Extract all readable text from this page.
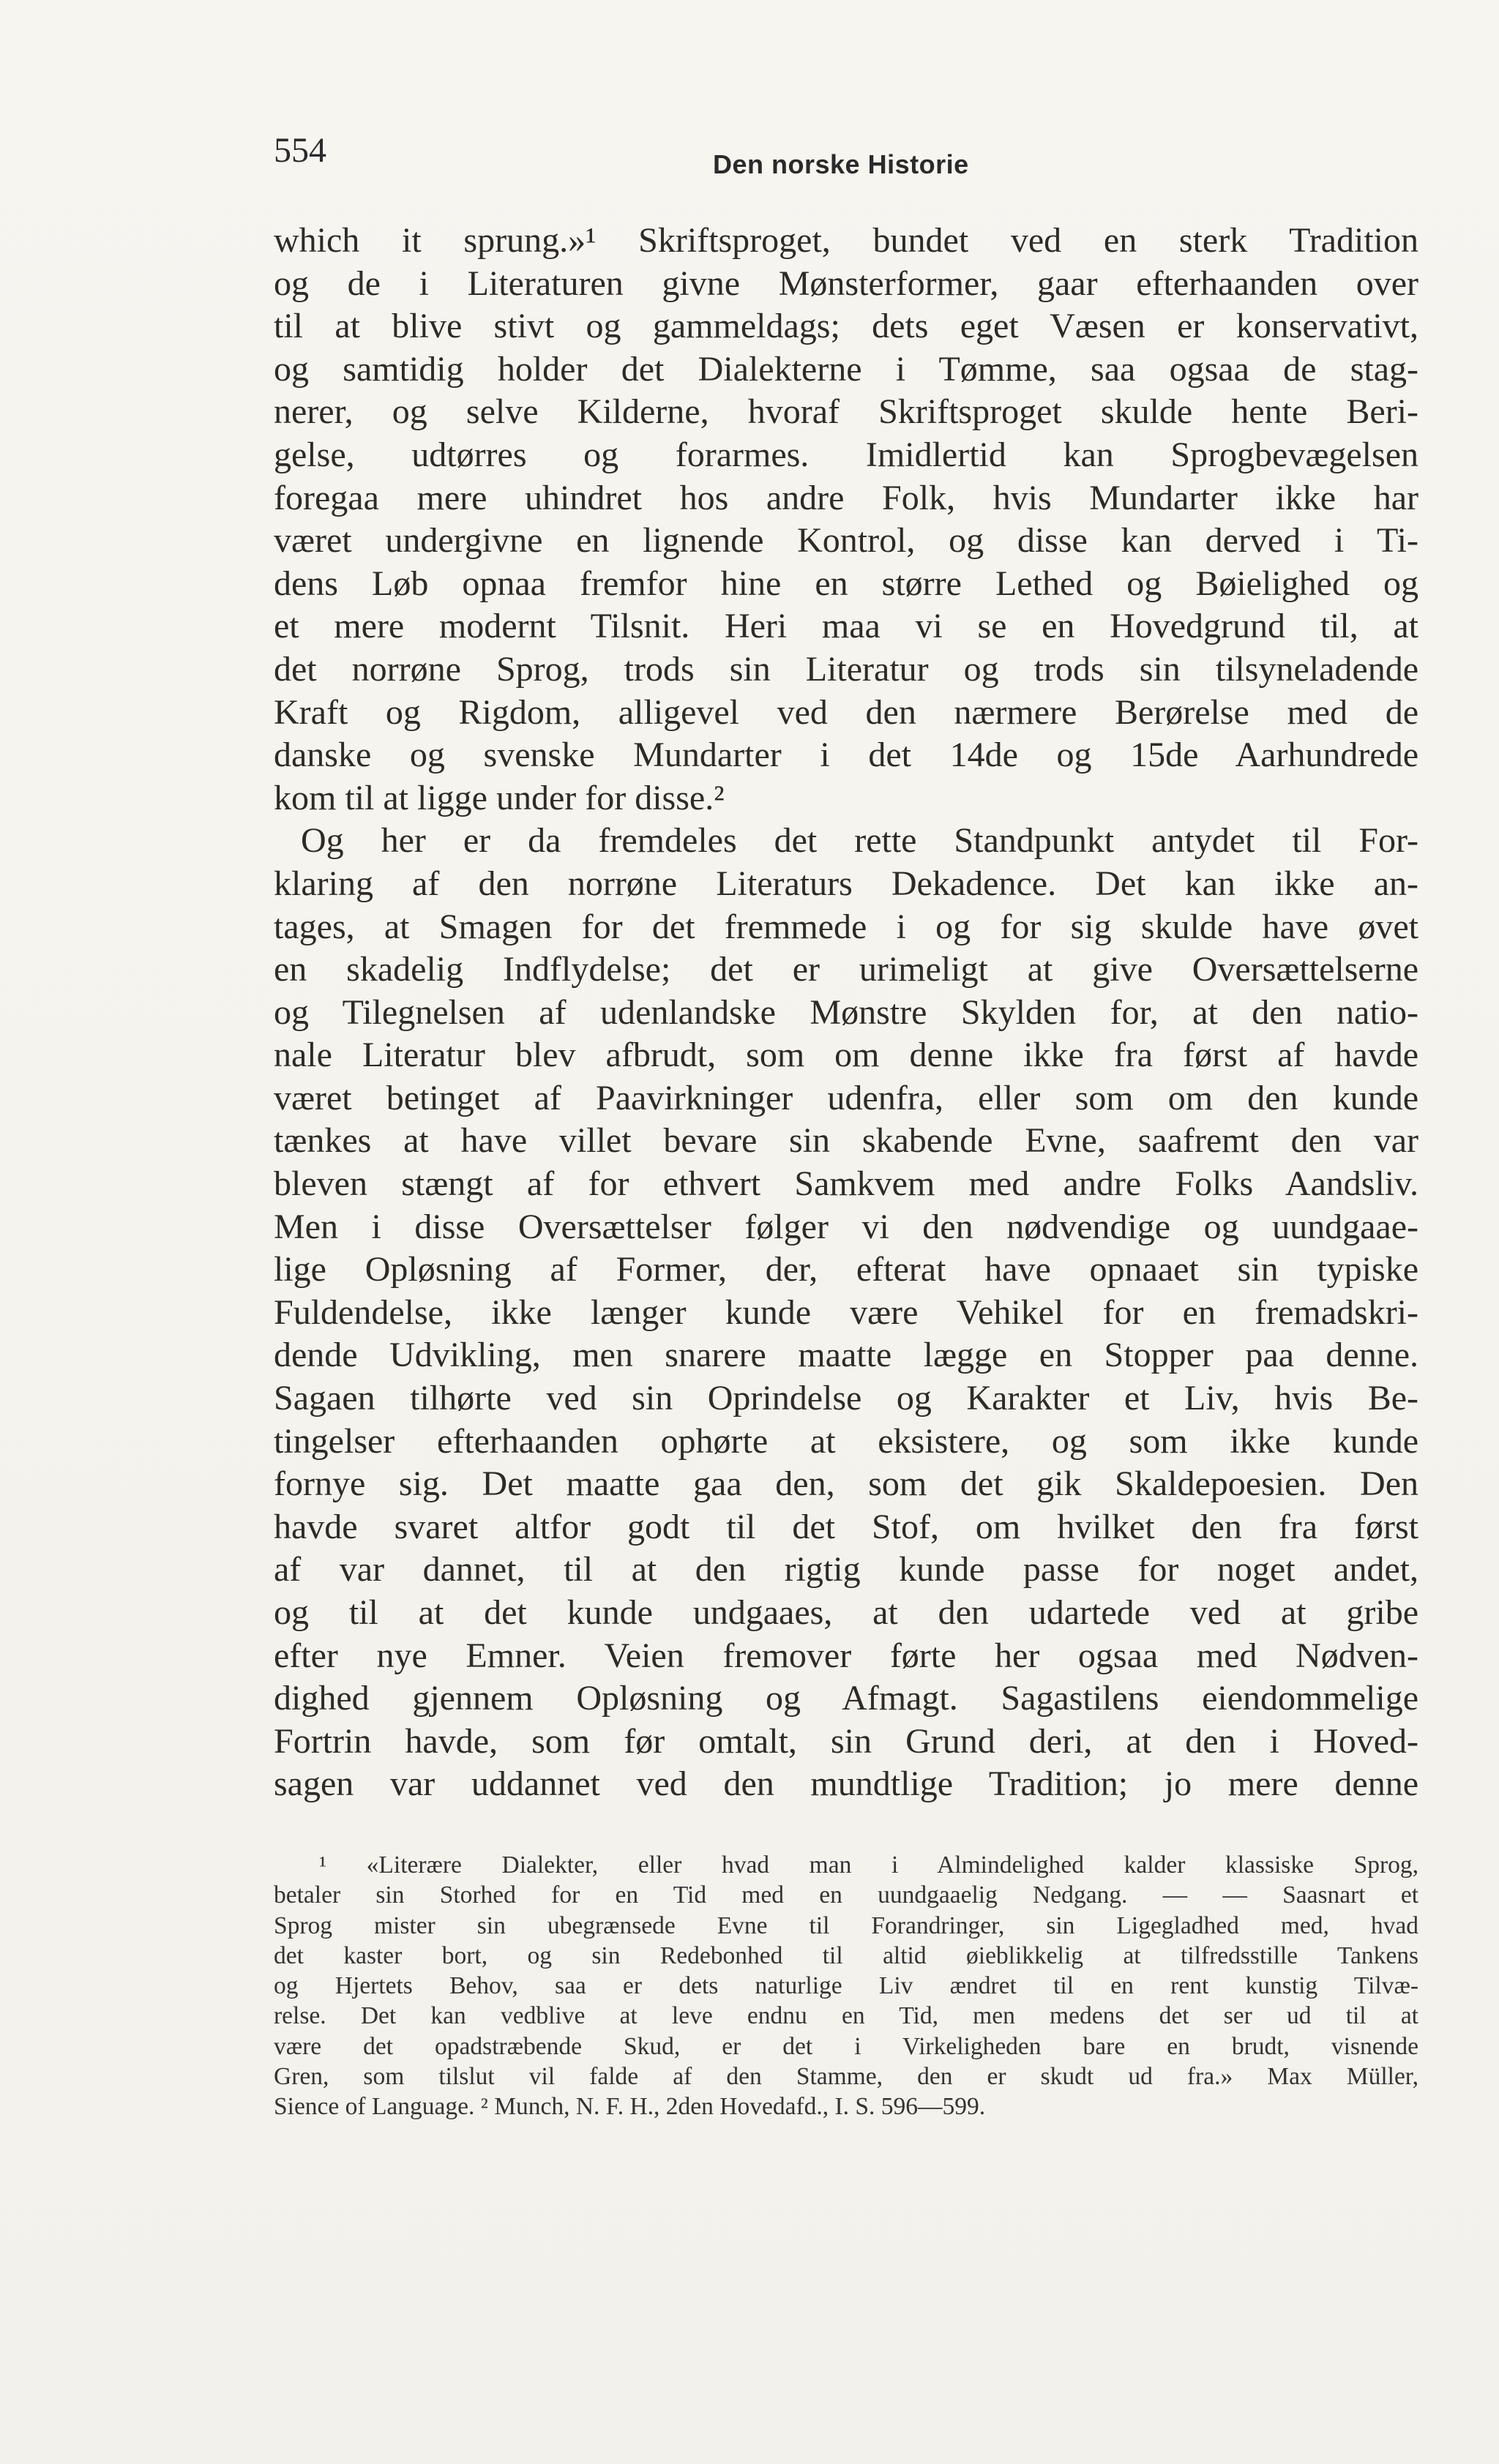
554	Den norske Historie
which it sprung.»¹ Skriftsproget, bundet ved en sterk Tradition
og de i Literaturen givne Mønsterformer, gaar efterhaanden over
til at blive stivt og gammeldags; dets eget Væsen er konservativt,
og samtidig holder det Dialekterne i Tømme, saa ogsaa de stag-
nerer, og selve Kilderne, hvoraf Skriftsproget skulde hente Beri-
gelse, udtørres og forarmes. Imidlertid kan Sprogbevægelsen
foregaa mere uhindret hos andre Folk, hvis Mundarter ikke har
været undergivne en lignende Kontrol, og disse kan derved i Ti-
dens Løb opnaa fremfor hine en større Lethed og Bøielighed og
et mere modernt Tilsnit. Heri maa vi se en Hovedgrund til, at
det norrøne Sprog, trods sin Literatur og trods sin tilsyneladende
Kraft og Rigdom, alligevel ved den nærmere Berørelse med de
danske og svenske Mundarter i det 14de og 15de Aarhundrede
kom til at ligge under for disse.²
Og her er da fremdeles det rette Standpunkt antydet til For-
klaring af den norrøne Literaturs Dekadence. Det kan ikke an-
tages, at Smagen for det fremmede i og for sig skulde have øvet
en skadelig Indflydelse; det er urimeligt at give Oversættelserne
og Tilegnelsen af udenlandske Mønstre Skylden for, at den natio-
nale Literatur blev afbrudt, som om denne ikke fra først af havde
været betinget af Paavirkninger udenfra, eller som om den kunde
tænkes at have villet bevare sin skabende Evne, saafremt den var
bleven stængt af for ethvert Samkvem med andre Folks Aandsliv.
Men i disse Oversættelser følger vi den nødvendige og uundgaae-
lige Opløsning af Former, der, efterat have opnaaet sin typiske
Fuldendelse, ikke længer kunde være Vehikel for en fremadskri-
dende Udvikling, men snarere maatte lægge en Stopper paa denne.
Sagaen tilhørte ved sin Oprindelse og Karakter et Liv, hvis Be-
tingelser efterhaanden ophørte at eksistere, og som ikke kunde
fornye sig. Det maatte gaa den, som det gik Skaldepoesien. Den
havde svaret altfor godt til det Stof, om hvilket den fra først
af var dannet, til at den rigtig kunde passe for noget andet,
og til at det kunde undgaaes, at den udartede ved at gribe
efter nye Emner. Veien fremover førte her ogsaa med Nødven-
dighed gjennem Opløsning og Afmagt. Sagastilens eiendommelige
Fortrin havde, som før omtalt, sin Grund deri, at den i Hoved-
sagen var uddannet ved den mundtlige Tradition; jo mere denne
¹ «Literære Dialekter, eller hvad man i Almindelighed kalder klassiske Sprog,
betaler sin Storhed for en Tid med en uundgaaelig Nedgang. — — Saasnart et
Sprog mister sin ubegrænsede Evne til Forandringer, sin Ligegladhed med, hvad
det kaster bort, og sin Redebonhed til altid øieblikkelig at tilfredsstille Tankens
og Hjertets Behov, saa er dets naturlige Liv ændret til en rent kunstig Tilvæ-
relse. Det kan vedblive at leve endnu en Tid, men medens det ser ud til at
være det opadstræbende Skud, er det i Virkeligheden bare en brudt, visnende
Gren, som tilslut vil falde af den Stamme, den er skudt ud fra.» Max Müller,
Sience of Language. ² Munch, N. F. H., 2den Hovedafd., I. S. 596—599.
